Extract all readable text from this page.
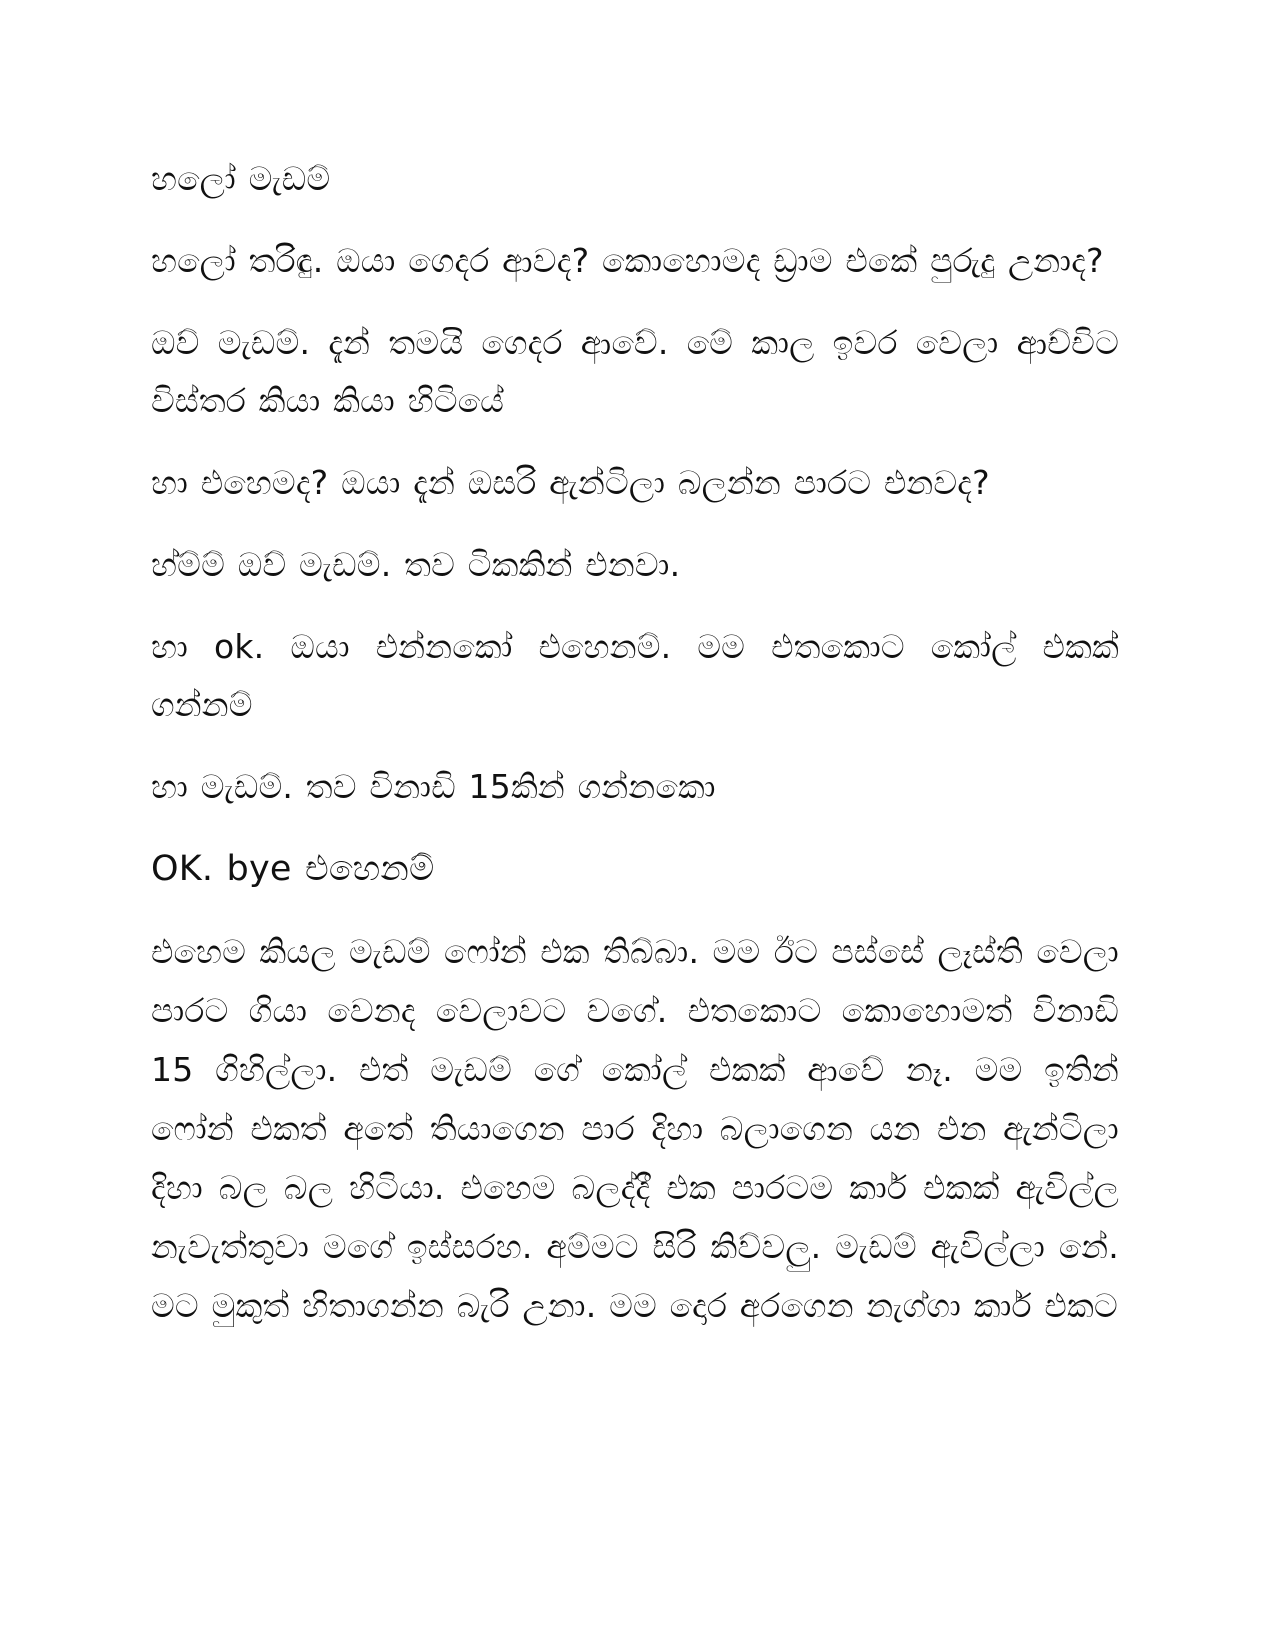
හලෝ මැඩම්

හලෝ තරිඳු. ඔයා ගෙදර ආවද? කොහොමද ඩ්‍රාම එකේ පුරුදු උනාද?

ඔව් මැඩම්. දැන් තමයි ගෙදර ආවේ. මේ කාල ඉවර වෙලා ආච්චිට විස්තර කියා කියා හිටියේ

හා එහෙමද? ඔයා දැන් ඔසරි ඇන්ටිලා බලන්න පාරට එනවද?

හ්ම්ම් ඔව් මැඩම්. තව ටිකකින් එනවා.

හා ok. ඔයා එන්නකෝ එහෙනම්. මම එතකොට කෝල් එකක් ගන්නම්

හා මැඩම්. තව විනාඩි 15කින් ගන්නකො

OK. bye එහෙනම්

එහෙම කියල මැඩම් ෆෝන් එක තිබ්බා. මම ඊට පස්සේ ලෑස්ති වෙලා පාරට ගියා වෙනද වෙලාවට වගේ. එතකොට කොහොමත් විනාඩි 15 ගිහිල්ලා. එත් මැඩම් ගේ කෝල් එකක් ආවේ නෑ. මම ඉතින් ෆෝන් එකත් අතේ තියාගෙන පාර දිහා බලාගෙන යන එන ඇන්ටිලා දිහා බල බල හිටියා. එහෙම බලද්දී එක පාරටම කාර් එකක් ඇවිල්ල නැවැත්තුවා මගේ ඉස්සරහ. අම්මට සිරි කිව්වලු. මැඩම් ඇවිල්ලා නේ. මට මුකුත් හිතාගන්න බැරි උනා. මම දොර අරගෙන නැග්ගා කාර් එකට
